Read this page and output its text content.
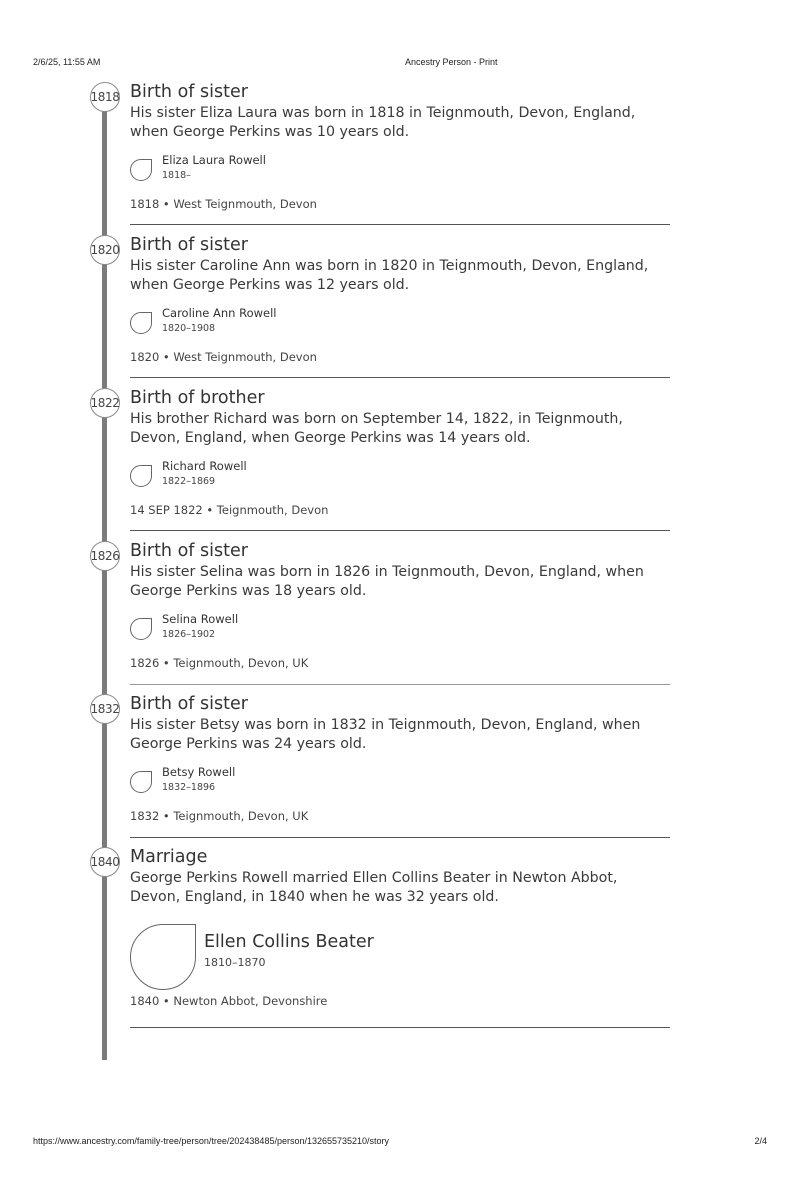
2/6/25, 11:55 AM	Ancestry Person - Print
1818 Birth of sister

His sister Eliza Laura was born in 1818 in Teignmouth, Devon, England, when George Perkins was 10 years old.

Eliza Laura Rowell
1818–
1818 • West Teignmouth, Devon
1820 Birth of sister

His sister Caroline Ann was born in 1820 in Teignmouth, Devon, England, when George Perkins was 12 years old.

Caroline Ann Rowell
1820–1908
1820 • West Teignmouth, Devon
1822 Birth of brother

His brother Richard was born on September 14, 1822, in Teignmouth, Devon, England, when George Perkins was 14 years old.

Richard Rowell
1822–1869
14 SEP 1822 • Teignmouth, Devon
1826 Birth of sister

His sister Selina was born in 1826 in Teignmouth, Devon, England, when George Perkins was 18 years old.

Selina Rowell
1826–1902
1826 • Teignmouth, Devon, UK
1832 Birth of sister

His sister Betsy was born in 1832 in Teignmouth, Devon, England, when George Perkins was 24 years old.

Betsy Rowell
1832–1896
1832 • Teignmouth, Devon, UK
1840 Marriage

George Perkins Rowell married Ellen Collins Beater in Newton Abbot, Devon, England, in 1840 when he was 32 years old.

Ellen Collins Beater
1810–1870
1840 • Newton Abbot, Devonshire
https://www.ancestry.com/family-tree/person/tree/202438485/person/132655735210/story	2/4
